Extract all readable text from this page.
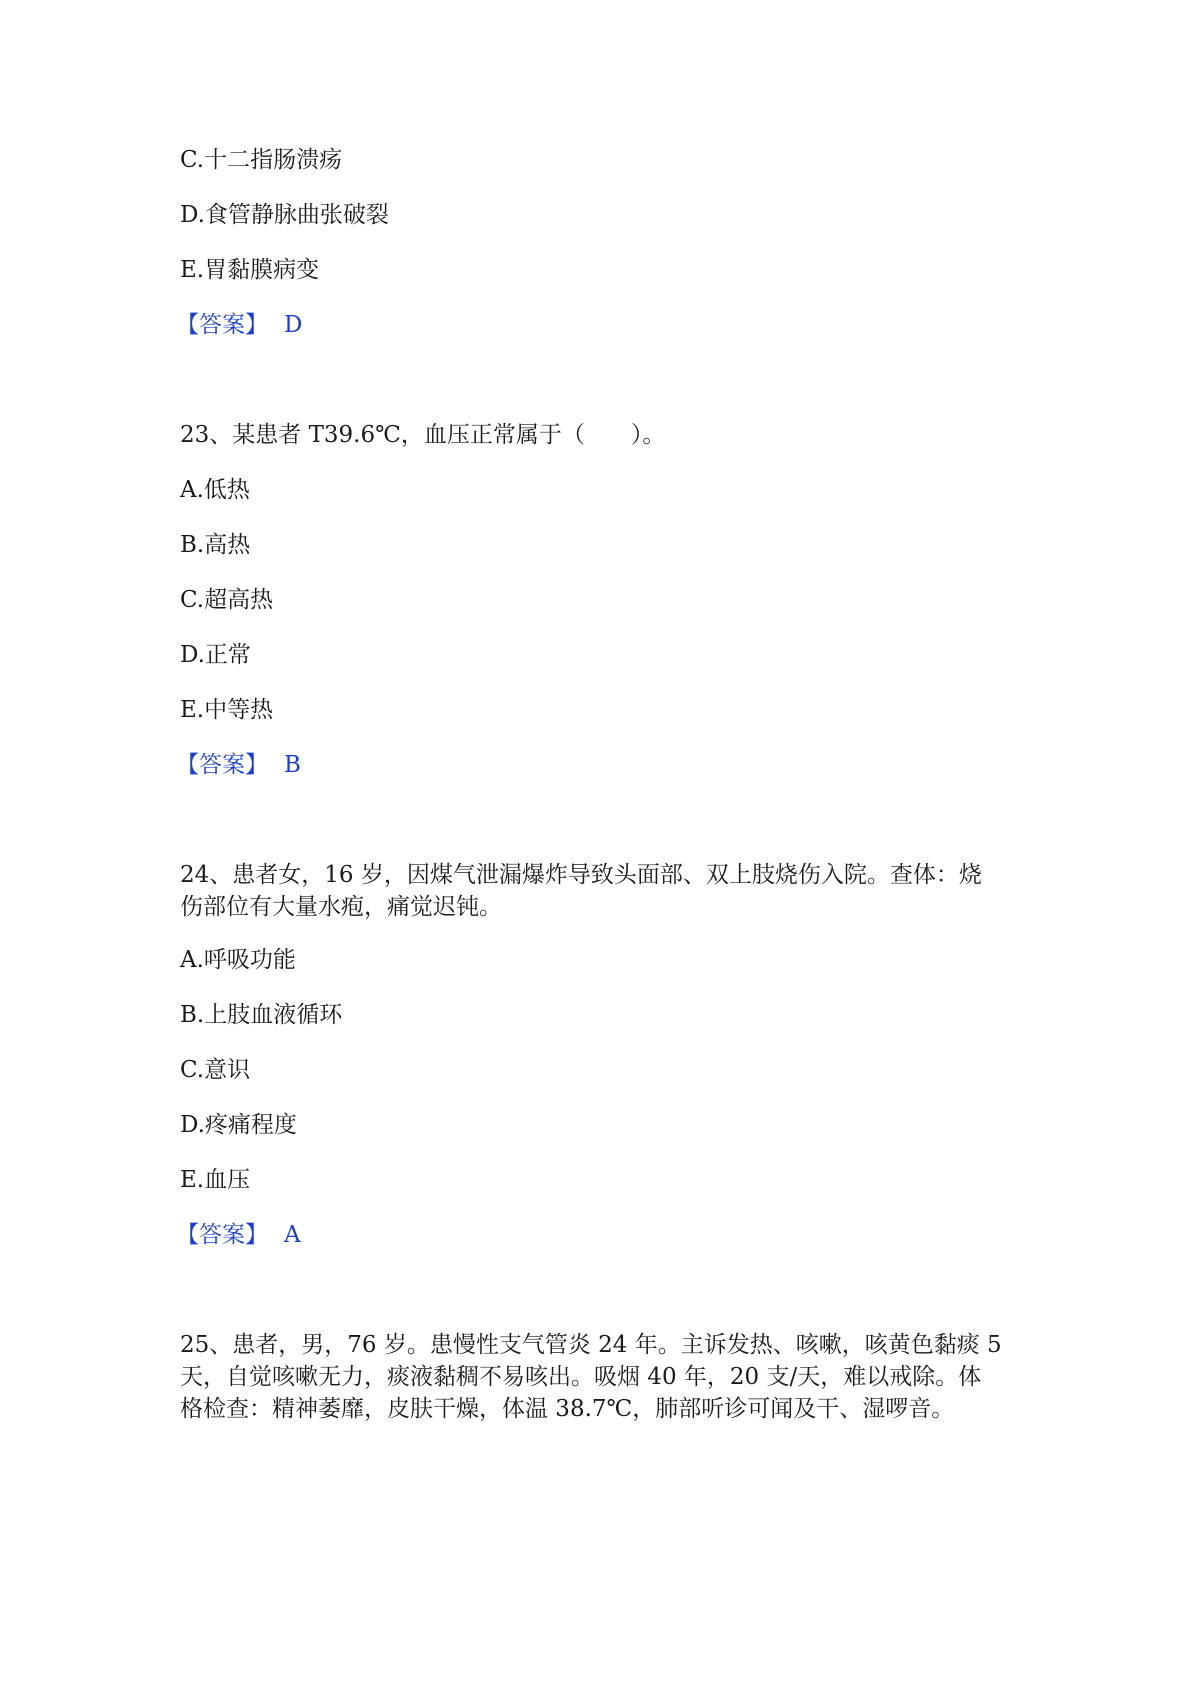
C.十二指肠溃疡
D.食管静脉曲张破裂
E.胃黏膜病变
【答案】 D
23、某患者 T39.6℃，血压正常属于（　　）。
A.低热
B.高热
C.超高热
D.正常
E.中等热
【答案】 B
24、患者女，16 岁，因煤气泄漏爆炸导致头面部、双上肢烧伤入院。查体：烧
伤部位有大量水疱，痛觉迟钝。
A.呼吸功能
B.上肢血液循环
C.意识
D.疼痛程度
E.血压
【答案】 A
25、患者，男，76 岁。患慢性支气管炎 24 年。主诉发热、咳嗽，咳黄色黏痰 5
天，自觉咳嗽无力，痰液黏稠不易咳出。吸烟 40 年，20 支/天，难以戒除。体
格检查：精神萎靡，皮肤干燥，体温 38.7℃，肺部听诊可闻及干、湿啰音。
